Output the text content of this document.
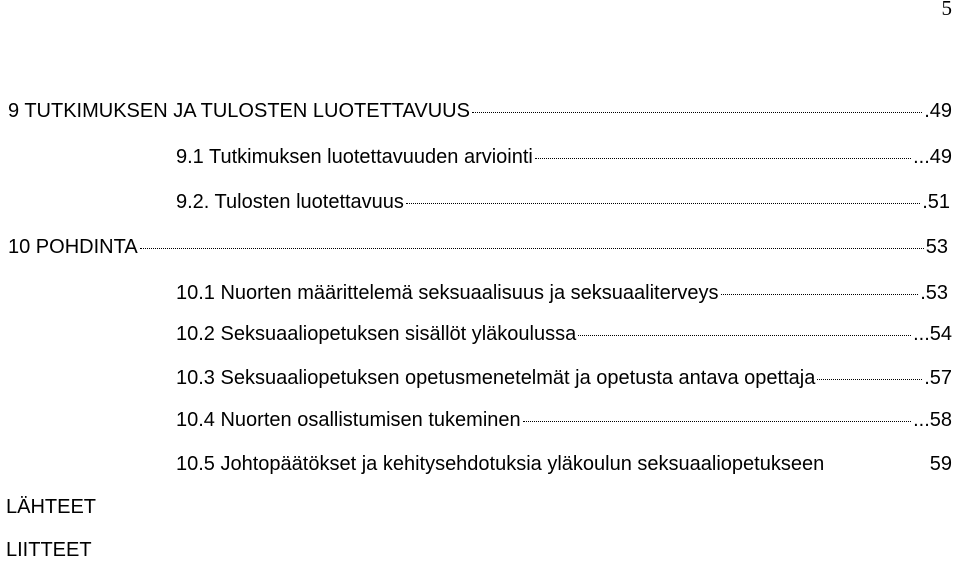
5
9 TUTKIMUKSEN JA TULOSTEN LUOTETTAVUUS	.49
9.1 Tutkimuksen luotettavuuden arviointi	...49
9.2. Tulosten luotettavuus	.51
10 POHDINTA	53
10.1 Nuorten määrittelemä seksuaalisuus ja seksuaaliterveys	.53
10.2 Seksuaaliopetuksen sisällöt yläkoulussa	...54
10.3 Seksuaaliopetuksen opetusmenetelmät ja opetusta antava opettaja	.57
10.4 Nuorten osallistumisen tukeminen	...58
10.5 Johtopäätökset ja kehitysehdotuksia yläkoulun seksuaaliopetukseen	59
LÄHTEET
LIITTEET
